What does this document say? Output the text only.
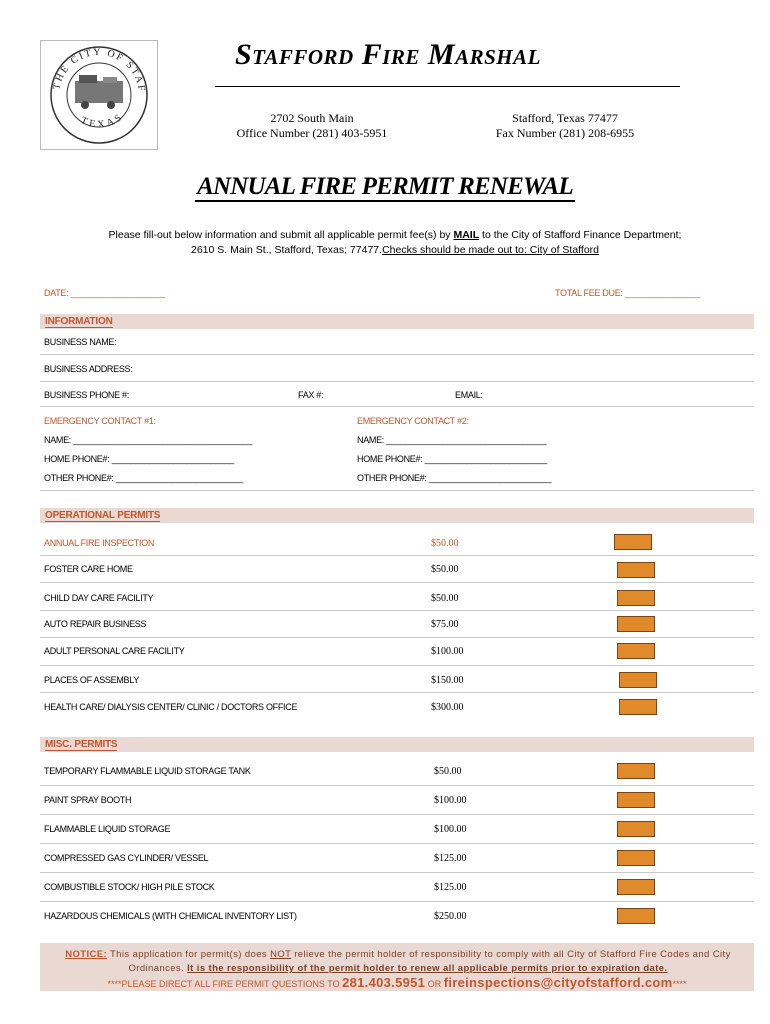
THE CITY OF STAF
TEXAS
Stafford Fire Marshal
2702 South Main
Office Number (281) 403-5951
Stafford, Texas 77477
Fax Number (281) 208-6955
ANNUAL FIRE PERMIT RENEWAL
Please fill-out below information and submit all applicable permit fee(s) by MAIL to the City of Stafford Finance Department;
2610 S. Main St., Stafford, Texas; 77477.Checks should be made out to: City of Stafford
DATE: ____________________	TOTAL FEE DUE: ________________
INFORMATION
BUSINESS NAME:
BUSINESS ADDRESS:
BUSINESS PHONE #:	FAX #:	EMAIL:
EMERGENCY CONTACT #1:	EMERGENCY CONTACT #2:
NAME: ______________________________________	NAME: __________________________________
HOME PHONE#: __________________________	HOME PHONE#: __________________________
OTHER PHONE#: ___________________________	OTHER PHONE#: __________________________
OPERATIONAL PERMITS
ANNUAL FIRE INSPECTION	$50.00
FOSTER CARE HOME	$50.00
CHILD DAY CARE FACILITY	$50.00
AUTO REPAIR BUSINESS	$75.00
ADULT PERSONAL CARE FACILITY	$100.00
PLACES OF ASSEMBLY	$150.00
HEALTH CARE/ DIALYSIS CENTER/ CLINIC / DOCTORS OFFICE	$300.00
MISC. PERMITS
TEMPORARY FLAMMABLE LIQUID STORAGE TANK	$50.00
PAINT SPRAY BOOTH	$100.00
FLAMMABLE LIQUID STORAGE	$100.00
COMPRESSED GAS CYLINDER/ VESSEL	$125.00
COMBUSTIBLE STOCK/ HIGH PILE STOCK	$125.00
HAZARDOUS CHEMICALS (WITH CHEMICAL INVENTORY LIST)	$250.00
NOTICE: This application for permit(s) does NOT relieve the permit holder of responsibility to comply with all City of Stafford Fire Codes and City Ordinances. It is the responsibility of the permit holder to renew all applicable permits prior to expiration date.
****PLEASE DIRECT ALL FIRE PERMIT QUESTIONS TO 281.403.5951 OR fireinspections@cityofstafford.com****
